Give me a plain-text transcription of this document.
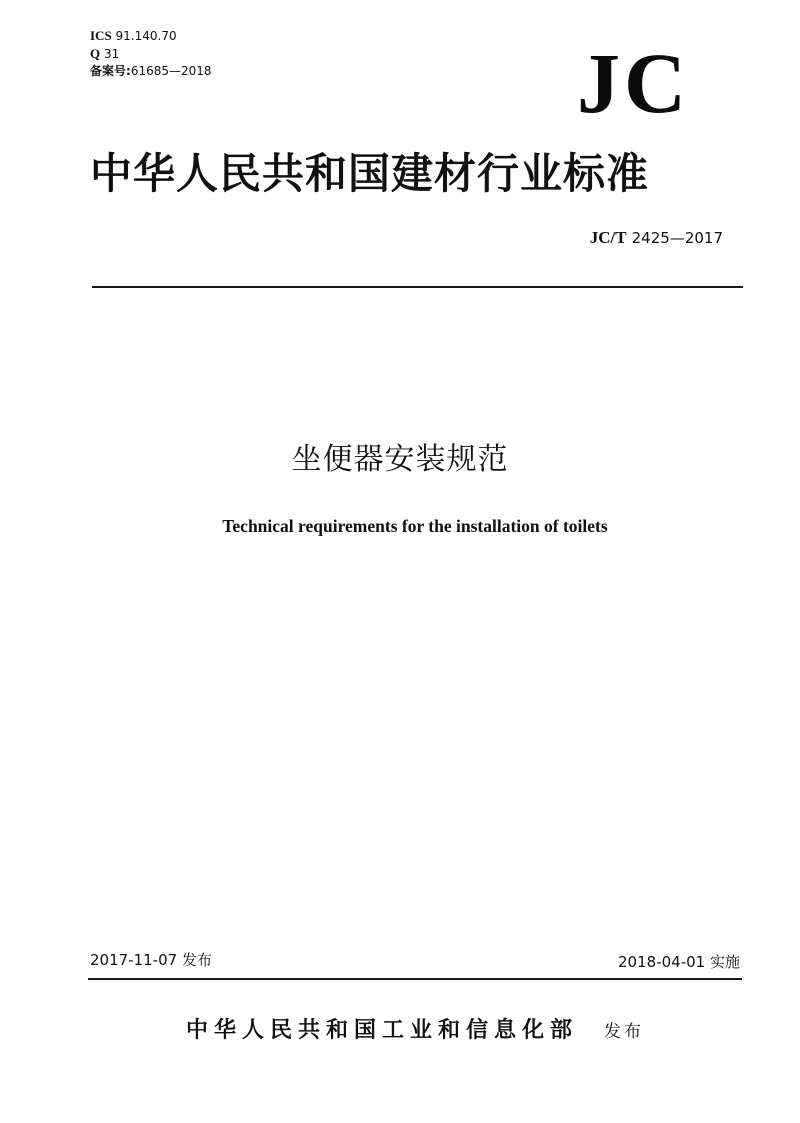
ICS 91.140.70
Q 31
备案号:61685—2018	JC
中华人民共和国建材行业标准
JC/T 2425—2017
坐便器安装规范
Technical requirements for the installation of toilets
2017-11-07 发布	2018-04-01 实施
中华人民共和国工业和信息化部 发布
